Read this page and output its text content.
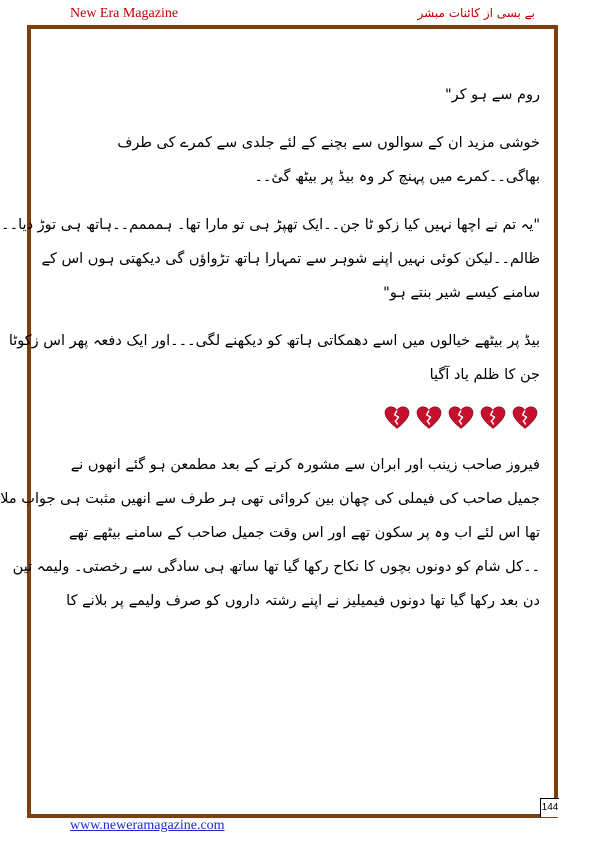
New Era Magazine	بے بسی از کائنات مبشر
روم سے ہو کر"
خوشی مزید ان کے سوالوں سے بچنے کے لئے جلدی سے کمرے کی طرف
بھاگی۔۔کمرے میں پہنچ کر وہ بیڈ پر بیٹھ گئ۔۔
"یہ تم نے اچھا نہیں کیا زکو ٹا جن۔۔ایک تھپڑ ہی تو مارا تھا۔ ہمممم۔۔ہاتھ ہی توڑ دیا۔۔
ظالم۔۔لیکن کوئی نہیں اپنے شوہر سے تمہارا ہاتھ تڑواؤں گی دیکھتی ہوں اس کے
سامنے کیسے شیر بنتے ہو"
بیڈ پر بیٹھے خیالوں میں اسے دھمکاتی ہاتھ کو دیکھنے لگی۔۔۔اور ایک دفعہ پھر اس زکوٹا
جن کا ظلم یاد آگیا
فیروز صاحب زینب اور ابران سے مشورہ کرنے کے بعد مطمعن ہو گئے انھوں نے
جمیل صاحب کی فیملی کی چھان بین کروائی تھی ہر طرف سے انھیں مثبت ہی جواب ملا
تھا اس لئے اب وہ پر سکون تھے اور اس وقت جمیل صاحب کے سامنے بیٹھے تھے
۔۔کل شام کو دونوں بچوں کا نکاح رکھا گیا تھا ساتھ ہی سادگی سے رخصتی۔ ولیمہ تین
دن بعد رکھا گیا تھا دونوں فیمیلیز نے اپنے رشتہ داروں کو صرف ولیمے پر بلانے کا
144
www.neweramagazine.com
